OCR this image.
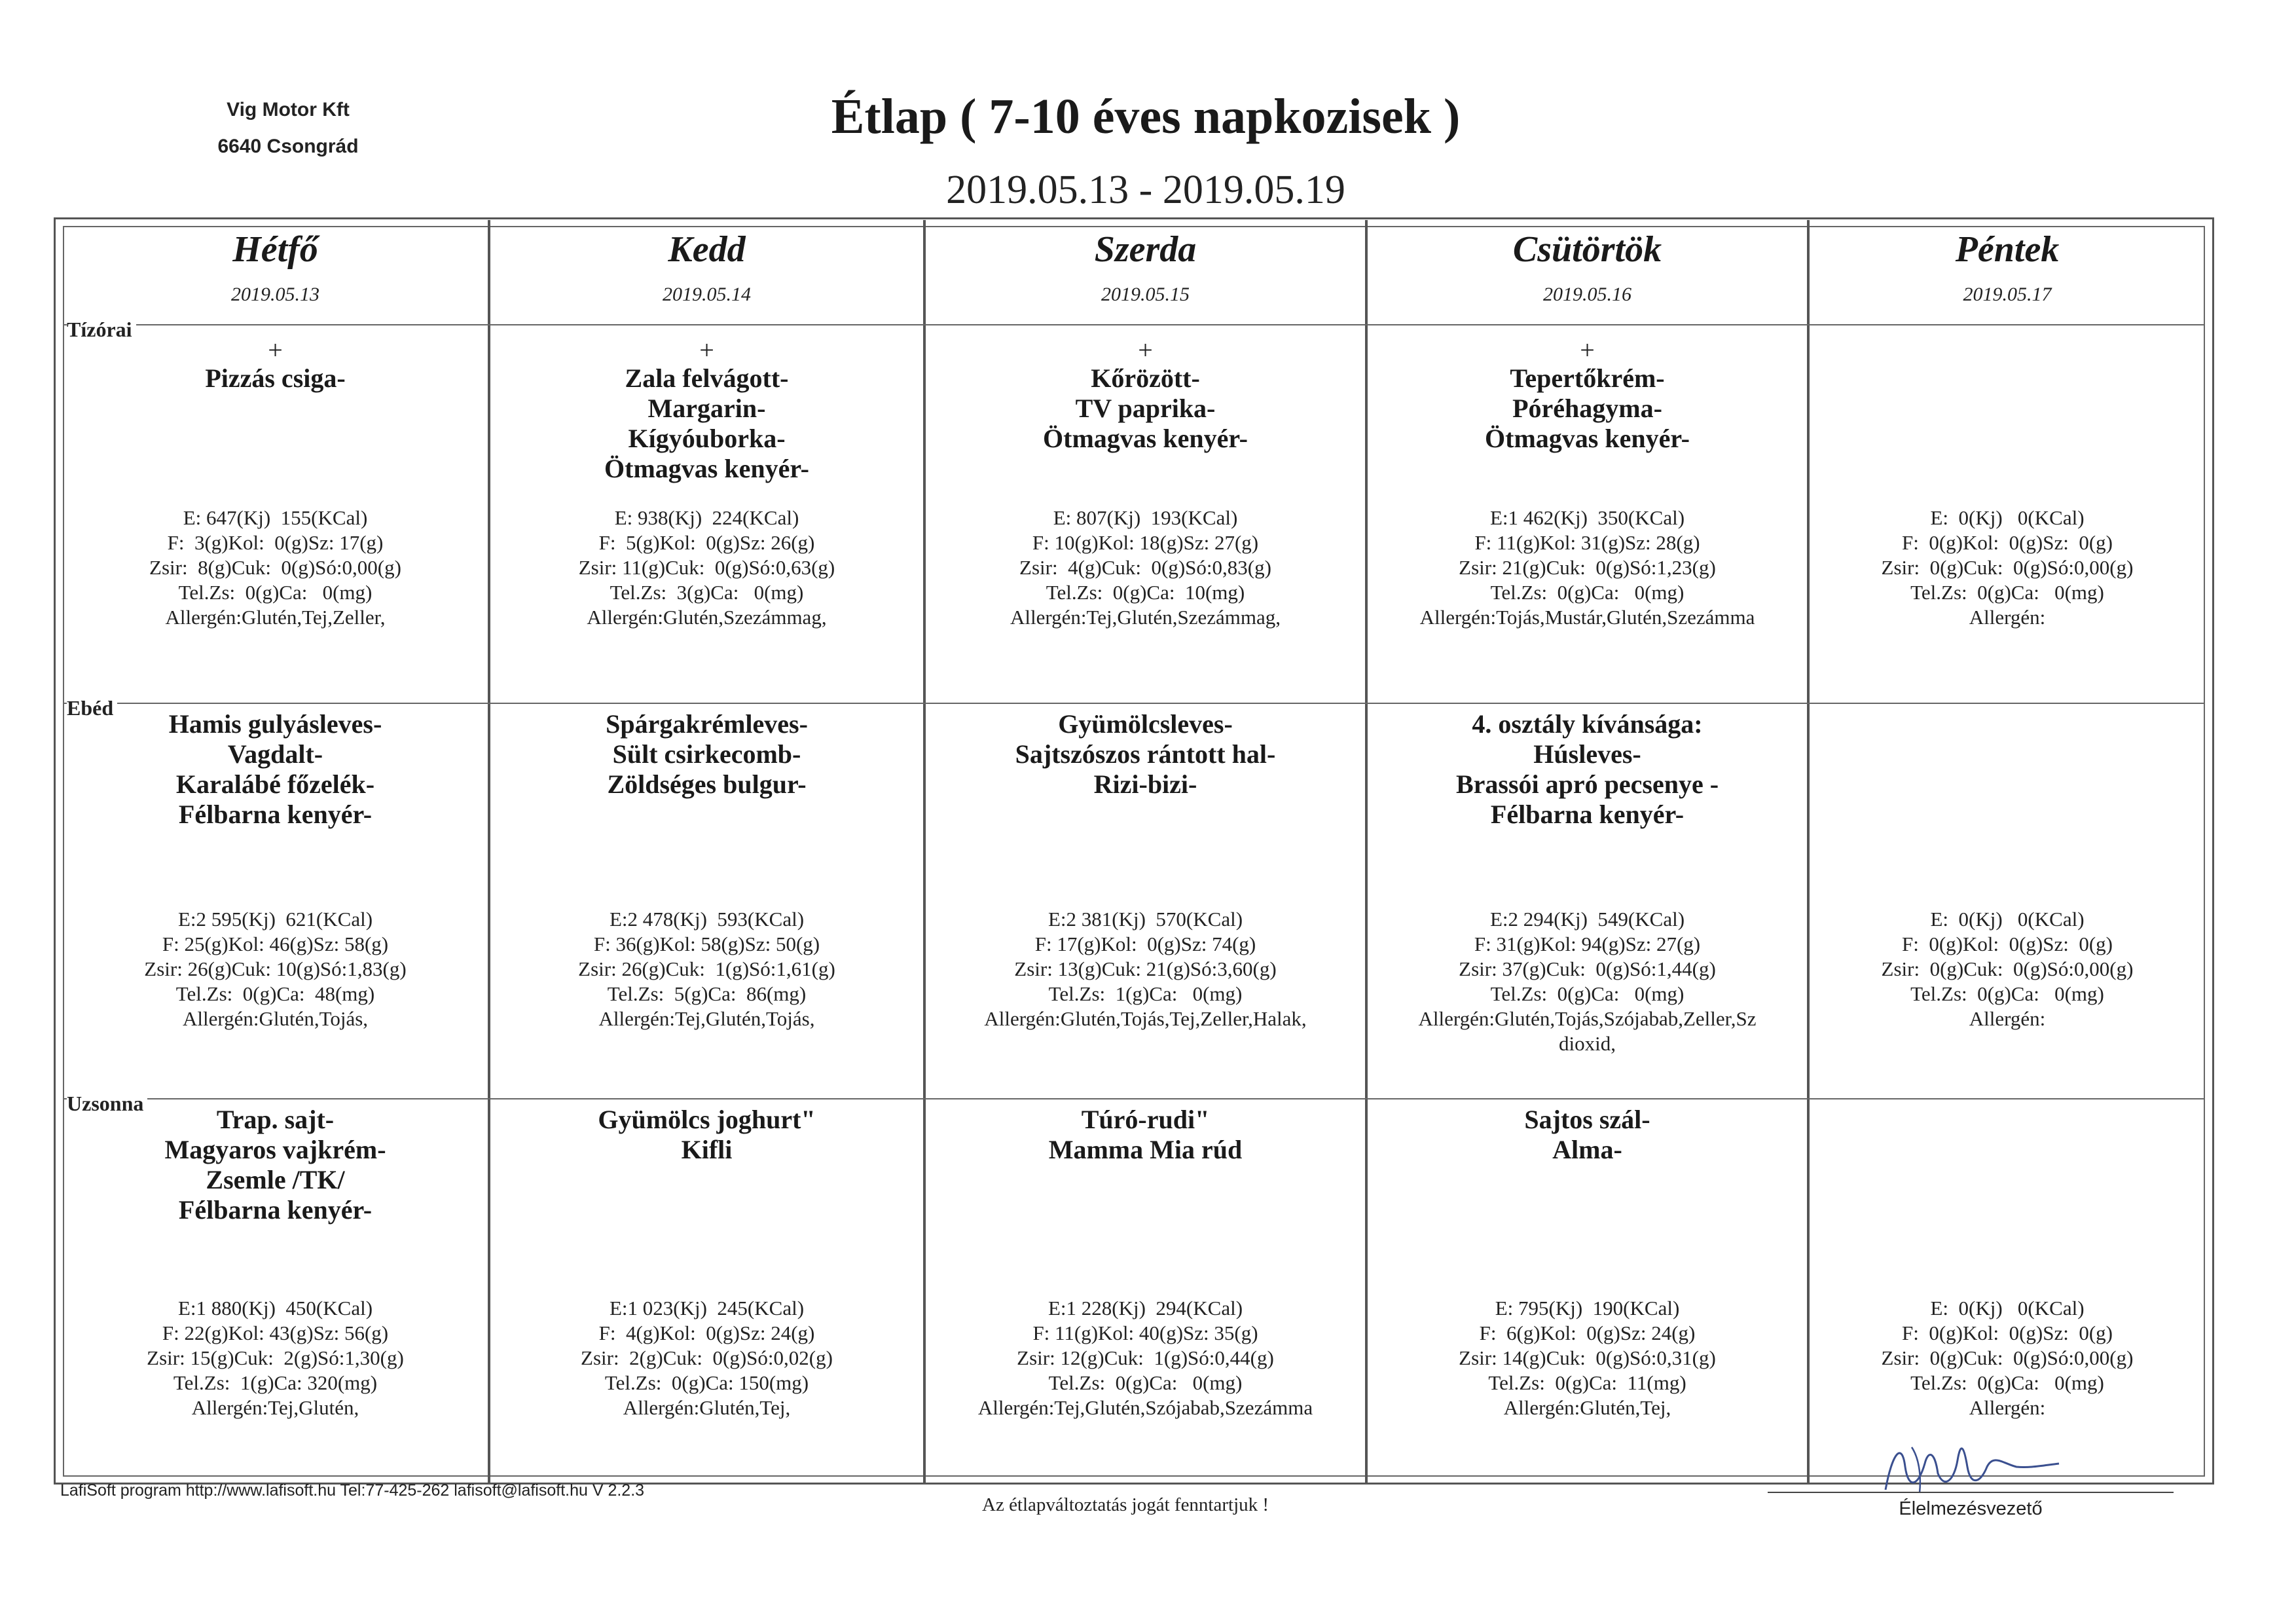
Vig Motor Kft
6640 Csongrád
Étlap ( 7-10 éves napkozisek )
2019.05.13 - 2019.05.19
Hétfő
2019.05.13
Kedd
2019.05.14
Szerda
2019.05.15
Csütörtök
2019.05.16
Péntek
2019.05.17
Tízórai
Ebéd
Uzsonna
+
Pizzás csiga-
E: 647(Kj)  155(KCal)
F:  3(g)Kol:  0(g)Sz: 17(g)
Zsir:  8(g)Cuk:  0(g)Só:0,00(g)
Tel.Zs:  0(g)Ca:   0(mg)
Allergén:Glutén,Tej,Zeller,
+
Zala felvágott-
Margarin-
Kígyóuborka-
Ötmagvas kenyér-
E: 938(Kj)  224(KCal)
F:  5(g)Kol:  0(g)Sz: 26(g)
Zsir: 11(g)Cuk:  0(g)Só:0,63(g)
Tel.Zs:  3(g)Ca:   0(mg)
Allergén:Glutén,Szezámmag,
+
Kőrözött-
TV paprika-
Ötmagvas kenyér-
E: 807(Kj)  193(KCal)
F: 10(g)Kol: 18(g)Sz: 27(g)
Zsir:  4(g)Cuk:  0(g)Só:0,83(g)
Tel.Zs:  0(g)Ca:  10(mg)
Allergén:Tej,Glutén,Szezámmag,
+
Tepertőkrém-
Póréhagyma-
Ötmagvas kenyér-
E:1 462(Kj)  350(KCal)
F: 11(g)Kol: 31(g)Sz: 28(g)
Zsir: 21(g)Cuk:  0(g)Só:1,23(g)
Tel.Zs:  0(g)Ca:   0(mg)
Allergén:Tojás,Mustár,Glutén,Szezámma
E:  0(Kj)   0(KCal)
F:  0(g)Kol:  0(g)Sz:  0(g)
Zsir:  0(g)Cuk:  0(g)Só:0,00(g)
Tel.Zs:  0(g)Ca:   0(mg)
Allergén:
Hamis gulyásleves-
Vagdalt-
Karalábé főzelék-
Félbarna kenyér-
E:2 595(Kj)  621(KCal)
F: 25(g)Kol: 46(g)Sz: 58(g)
Zsir: 26(g)Cuk: 10(g)Só:1,83(g)
Tel.Zs:  0(g)Ca:  48(mg)
Allergén:Glutén,Tojás,
Spárgakrémleves-
Sült csirkecomb-
Zöldséges bulgur-
E:2 478(Kj)  593(KCal)
F: 36(g)Kol: 58(g)Sz: 50(g)
Zsir: 26(g)Cuk:  1(g)Só:1,61(g)
Tel.Zs:  5(g)Ca:  86(mg)
Allergén:Tej,Glutén,Tojás,
Gyümölcsleves-
Sajtszószos rántott hal-
Rizi-bizi-
E:2 381(Kj)  570(KCal)
F: 17(g)Kol:  0(g)Sz: 74(g)
Zsir: 13(g)Cuk: 21(g)Só:3,60(g)
Tel.Zs:  1(g)Ca:   0(mg)
Allergén:Glutén,Tojás,Tej,Zeller,Halak,
4. osztály kívánsága:
Húsleves-
Brassói apró pecsenye -
Félbarna kenyér-
E:2 294(Kj)  549(KCal)
F: 31(g)Kol: 94(g)Sz: 27(g)
Zsir: 37(g)Cuk:  0(g)Só:1,44(g)
Tel.Zs:  0(g)Ca:   0(mg)
Allergén:Glutén,Tojás,Szójabab,Zeller,Sz
dioxid,
E:  0(Kj)   0(KCal)
F:  0(g)Kol:  0(g)Sz:  0(g)
Zsir:  0(g)Cuk:  0(g)Só:0,00(g)
Tel.Zs:  0(g)Ca:   0(mg)
Allergén:
Trap. sajt-
Magyaros vajkrém-
Zsemle /TK/
Félbarna kenyér-
E:1 880(Kj)  450(KCal)
F: 22(g)Kol: 43(g)Sz: 56(g)
Zsir: 15(g)Cuk:  2(g)Só:1,30(g)
Tel.Zs:  1(g)Ca: 320(mg)
Allergén:Tej,Glutén,
Gyümölcs joghurt"
Kifli
E:1 023(Kj)  245(KCal)
F:  4(g)Kol:  0(g)Sz: 24(g)
Zsir:  2(g)Cuk:  0(g)Só:0,02(g)
Tel.Zs:  0(g)Ca: 150(mg)
Allergén:Glutén,Tej,
Túró-rudi"
Mamma Mia rúd
E:1 228(Kj)  294(KCal)
F: 11(g)Kol: 40(g)Sz: 35(g)
Zsir: 12(g)Cuk:  1(g)Só:0,44(g)
Tel.Zs:  0(g)Ca:   0(mg)
Allergén:Tej,Glutén,Szójabab,Szezámma
Sajtos szál-
Alma-
E: 795(Kj)  190(KCal)
F:  6(g)Kol:  0(g)Sz: 24(g)
Zsir: 14(g)Cuk:  0(g)Só:0,31(g)
Tel.Zs:  0(g)Ca:  11(mg)
Allergén:Glutén,Tej,
E:  0(Kj)   0(KCal)
F:  0(g)Kol:  0(g)Sz:  0(g)
Zsir:  0(g)Cuk:  0(g)Só:0,00(g)
Tel.Zs:  0(g)Ca:   0(mg)
Allergén:
LafiSoft program http://www.lafisoft.hu Tel:77-425-262 lafisoft@lafisoft.hu V 2.2.3
Az étlapváltoztatás jogát fenntartjuk !	Élelmezésvezető
